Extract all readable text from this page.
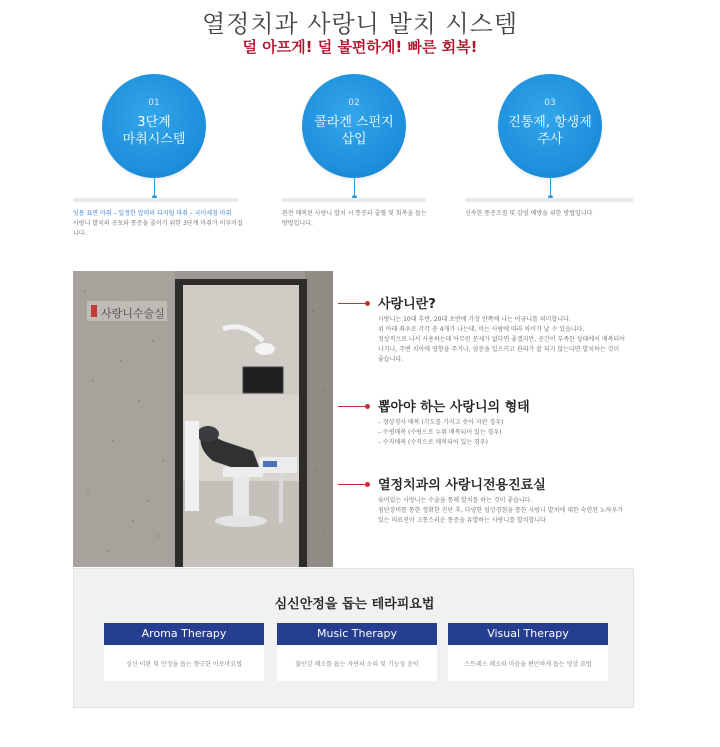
열정치과 사랑니 발치 시스템
덜 아프게! 덜 불편하게! 빠른 회복!
01
3단계
마취시스템
잇몸 표면 마취 – 일정한 압력의 디지털 마취 – 국미세침 마취
사랑니 발치의 공포와 통증을 줄이기 위한 3단계 마취가 이루어집니다.
02
콜라겐 스펀지
삽입
완전 매복된 사랑니 발치 시 통증과 출혈 및 회복을 돕는 방법입니다.
03
진통제, 항생제
주사
신속한 통증조절 및 감염 예방을 위한 방법입니다
사랑니수술실
사랑니란?

사랑니는 10대 후반, 20대 초반에 가장 안쪽에 나는 어금니를 의미합니다.

위 아래 좌우로 각각 총 4개가 나는데, 이는 사람에 따라 차이가 날 수 있습니다.

정상적으로 나서 사용하는데 아무런 문제가 없다면 좋겠지만, 공간이 부족한 상태에서 매복되어

나거나, 주변 치아에 영향을 주거나, 염증을 일으키고 관리가 잘 되지 않는다면 발치하는 것이

좋습니다.

뽑아야 하는 사랑니의 형태

– 정상경사 매복 (각도를 가지고 솟아 자란 경우)

– 수평매복 (수평으로 누워 매복되어 있는 경우)

– 수직매복 (수직으로 매복되어 있는 경우)

열정치과의 사랑니전용진료실

숨어있는 사랑니는 수술을 통해 발치를 하는 것이 좋습니다.

첨단장비를 통한 정확한 진단 후, 다양한 임상경험을 통한 사랑니 발치에 대한 숙련된 노하우가

있는 의료진이 고통스러운 통증을 유발하는 사랑니를 발치합니다

심신안정을 돕는 테라피요법
Aroma Therapy
심신 이완 및 안정을 돕는 향긋한 아로마요법
Music Therapy
불안감 해소를 돕는 자연의 소리 및 기능성 음악
Visual Therapy
스트레스 해소와 마음을 편안하게 돕는 영상 요법
